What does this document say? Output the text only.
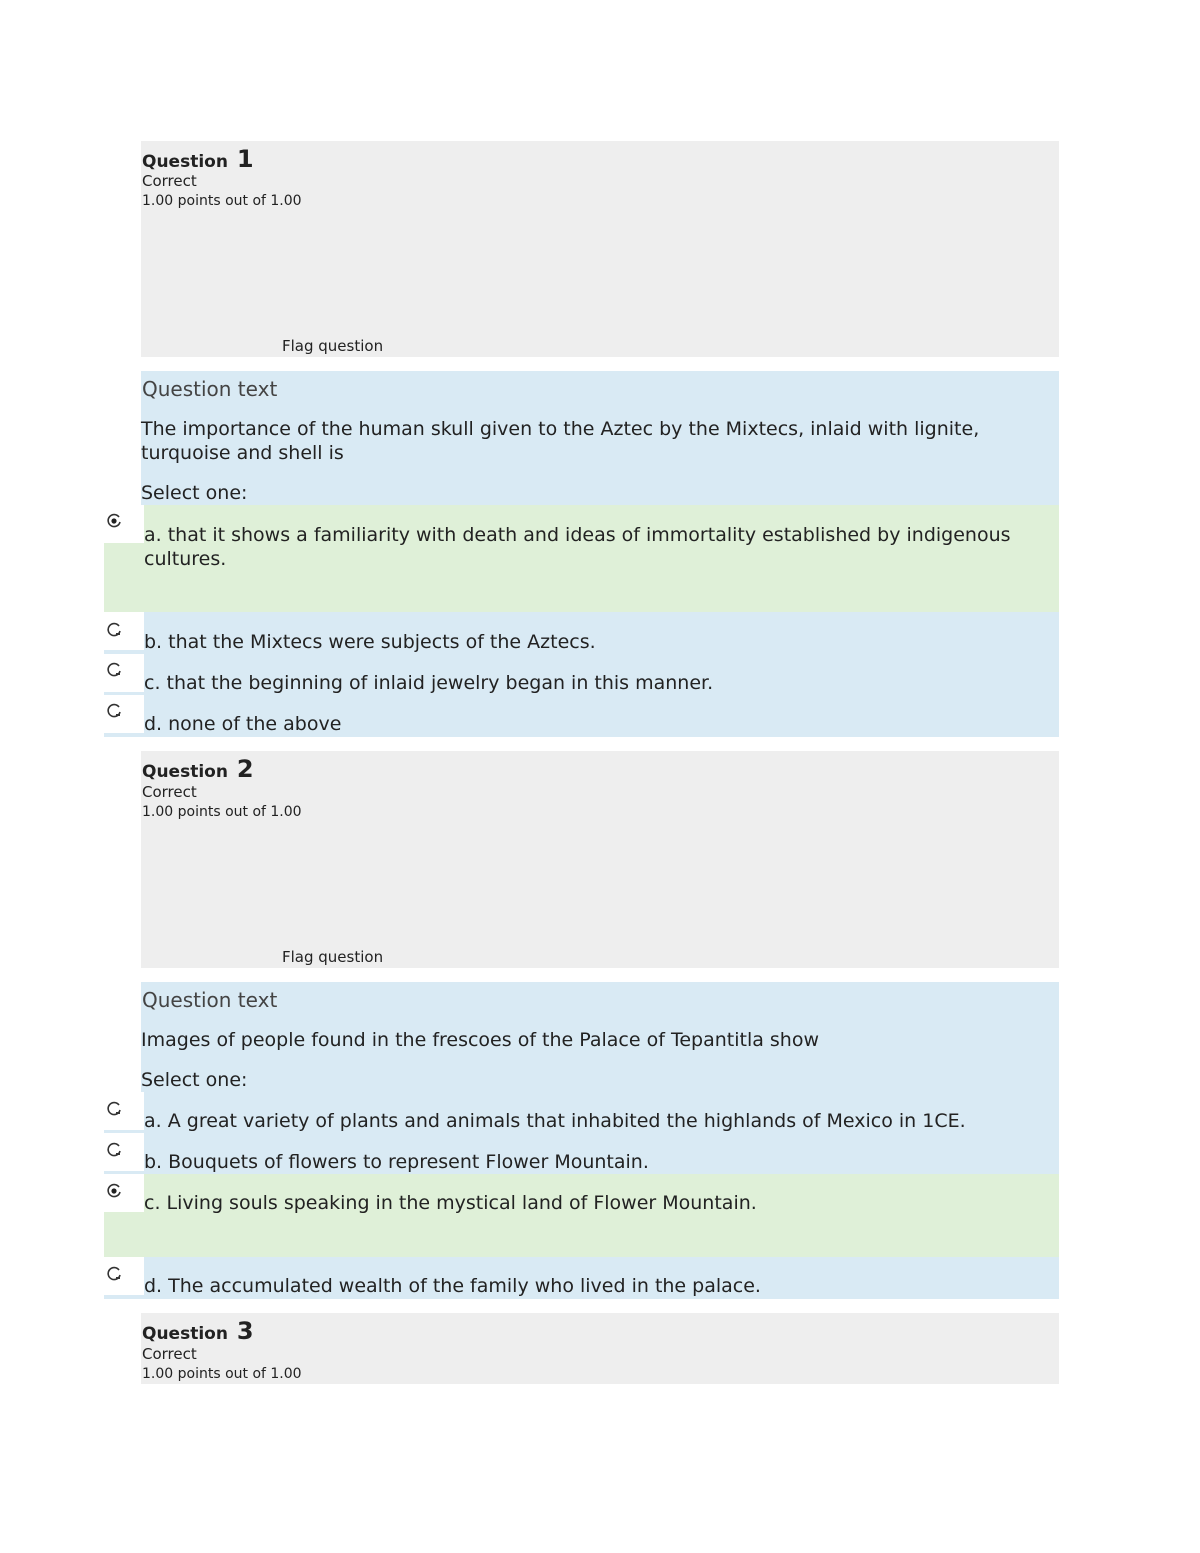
Question 1
Correct
1.00 points out of 1.00
Flag question
Question text
The importance of the human skull given to the Aztec by the Mixtecs, inlaid with lignite, turquoise and shell is
Select one:
a. that it shows a familiarity with death and ideas of immortality established by indigenous cultures.
b. that the Mixtecs were subjects of the Aztecs.
c. that the beginning of inlaid jewelry began in this manner.
d. none of the above
Question 2
Correct
1.00 points out of 1.00
Flag question
Question text
Images of people found in the frescoes of the Palace of Tepantitla show
Select one:
a. A great variety of plants and animals that inhabited the highlands of Mexico in 1CE.
b. Bouquets of flowers to represent Flower Mountain.
c. Living souls speaking in the mystical land of Flower Mountain.
d. The accumulated wealth of the family who lived in the palace.
Question 3
Correct
1.00 points out of 1.00
